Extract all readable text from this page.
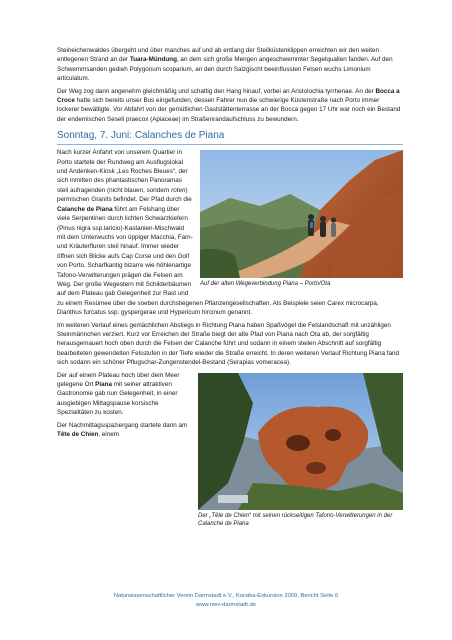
Steineichenwaldes übergeht und über manches auf und ab entlang der Steilküstenklippen erreichten wir den weiten entlegenen Strand an der Tuara-Mündung, an dem sich große Mengen angeschwemmter Segelquallen fanden. Auf den Schwemmsanden gedieh Polygonum scoparium, an den durch Salzgischt beeinflussten Felsen wuchs Limonium articulatum.

Der Weg zog dann angenehm gleichmäßig und schattig den Hang hinauf, vorbei an Aristolochia tyrrhenae. An der Bocca a Croce hatte sich bereits unser Bus eingefunden, dessen Fahrer nun die schwierige Küstenstraße nach Porto immer lockerer bewältigte. Vor Abfahrt von der gemütlichen Gaststättenterrasse an der Bocca gegen 17 Uhr war noch ein Bestand der endemischen Seseli praecox (Apiaceae) im Straßenrandaufschluss zu bewundern.

Sonntag, 7. Juni: Calanches de Piana
Auf der alten Wegeverbindung Piana – Porto/Ota

Nach kurzer Anfahrt von unserem Quartier in Porto startete der Rundweg am Ausflugslokal und Andenken-Kiosk „Les Roches Bleues“, der sich inmitten des phantastischen Panoramas steil aufragenden (nicht blauen, sondern roten) permischen Granits befindet. Der Pfad durch die Calanche de Piana führt am Felshang über viele Serpentinen durch lichten Schwarzkiefern (Pinus nigra ssp.laricio)-Kastanien-Mischwald mit dem Unterwuchs von üppiger Macchia, Farn- und Kräuterfluren steil hinauf. Immer wieder öffnen sich Blicke aufs Cap Corse und den Golf von Porto. Scharfkantig bizarre wie höhlenartige Tafono-Verwitterungen prägen die Felsen am Weg. Der große Wegestern mit Schilderbäumen auf dem Plateau gab Gelegenheit zur Rast und zu einem Resümee über die soeben durchstiegenen Pflanzengesellschaften. Als Beispiele seien Carex microcarpa, Dianthus furcatus ssp. gyspergerae und Hypericum hircinum genannt.

Im weiteren Verlauf eines gemächlichen Abstiegs in Richtung Piana haben Spaßvögel die Felslandschaft mit unzähligen Steinmännchen verziert. Kurz vor Erreichen der Straße biegt der alte Pfad von Piana nach Ota ab, der sorgfältig herausgemauert hoch oben durch die Felsen der Calanche führt und sodann in einem steilen Abschnitt auf sorgfältig bearbeiteten gewendelten Felsstufen in der Tiefe wieder die Straße erreicht. In deren weiteren Verlauf Richtung Piana fand sich sodann ein schöner Pflugschar-Zungenstendel-Bestand (Serapias vomeracea).

Der „Tête de Chien“ mit seinen rückseitigen Tafono-Verwitterungen in der Calanche de Piana

Der auf einem Plateau hoch über dem Meer gelegene Ort Piana mit seiner attraktiven Gastronomie gab nun Gelegenheit, in einer ausgiebigen Mittagspause korsische Spezialitäten zu kosten.

Der Nachmittagsspaziergang startete dann am Tête de Chien, einem

Naturwissenschaftlicher Verein Darmstadt e.V., Korsika-Exkursion 2009, Bericht Seite 6
www.nwv-darmstadt.de
